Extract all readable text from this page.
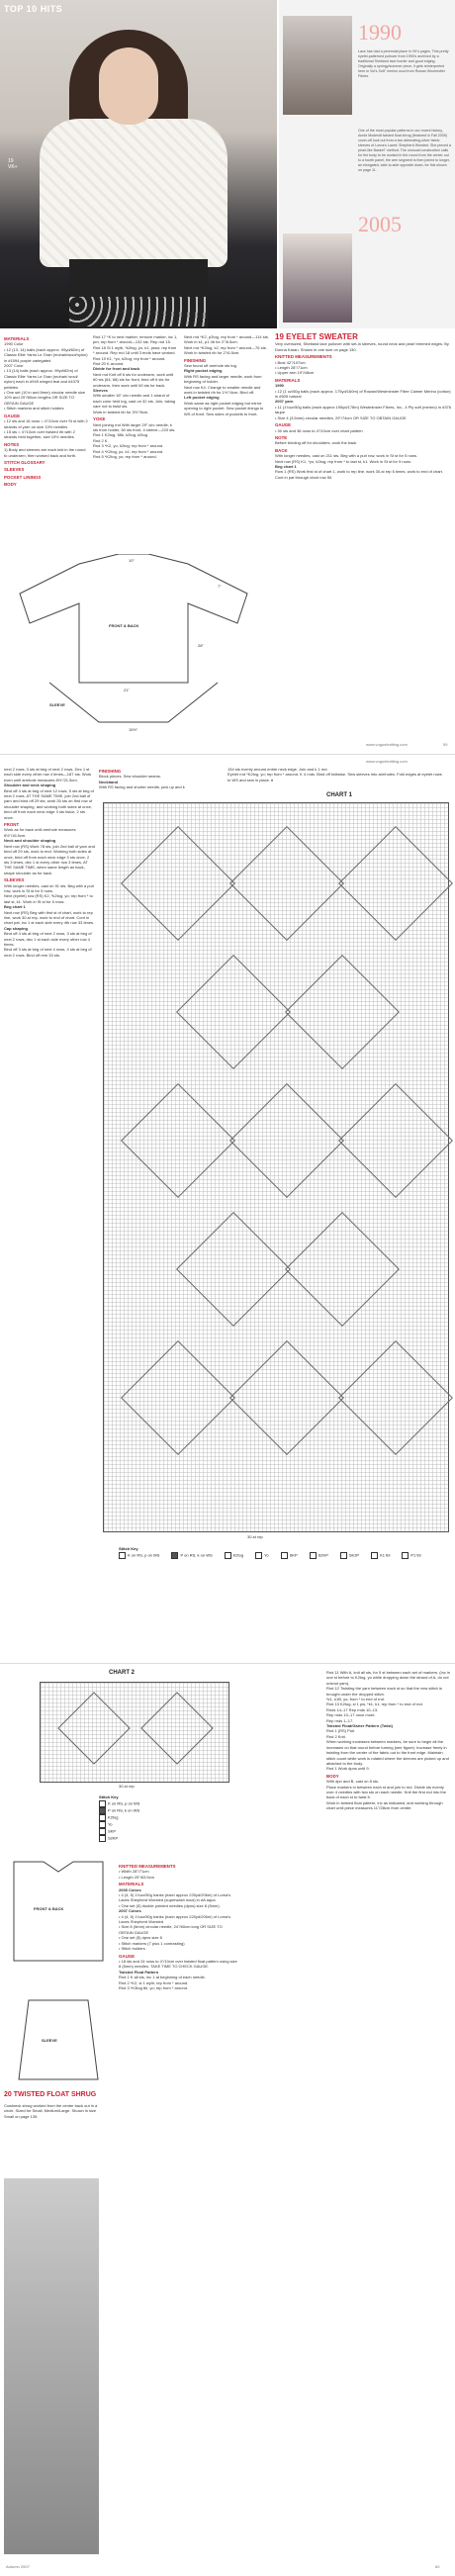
TOP 10 HITS
19
VK+
1990
Lace has had a perennial place in VK's pages. This pretty eyelet-patterned pullover from 1990's archived by a traditional Shetland lace border and good edging. Originally a springy/summer piece, it gets reinterpreted here in Vol's Soft" merino wool from Rowan Woolrestler Fibres.
One of the most popular patterns in our recent history, Annie Modesitt twisted float shrug (featured in Fall 2005) cover-off look out from a two alternating-silver fabric sleeves of Lorna's Laces' Shepherd Worsted. She pieced a pearl-like Basket" method. The unusual construction calls for the body to be worked in the round from the center out to a fourth panel, the arm segment is then joined to longer, an elongated, side-to-side opposite down, for this shown on page 11.
2005
MATERIALS
1990 Color
• 12 (13, 14) balls (each approx. 99yd/82m) of Classic Elite Yarns Le Gran (mohair/wool/nylon) in #1594 purple variegated
2007 Color
• 13 (14) balls (each approx. 99yd/82m) of Classic Elite Yarns Le Gran (mohair/ wool/ nylon) each in #949 winged teal and #4375 pebbles
• One set (10 in and 8mm) circular needle size 10½ and 29"/80cm lengths OR SIZE TO OBTAIN GAUGE
• Stitch markers and stitch holders
GAUGE
• 12 sts and 16 rows = 4"/10cm over St st with 2 strands of yarn on size 10½ needles
• 15 sts = 4"/10cm over twisted rib with 2 strands held together, size 10½ needles
NOTES
1) Body and sleeves are each knit in the round to underarm, then worked back and forth.
STITCH GLOSSARY
SLEEVES
POCKET LININGS
BODY
Rnd 17 *K to next marker, remove marker, inc 1, pm; rep from * around—132 sts. Rep rnd 15.
Rnd 18 Sl 1 wyib, *k2tog, yo, k1, psso; rep from * around. Rep rnd 18 until 3 ends have worked.
Rnd 19 K1, *yo, k2tog; rep from * around.
Rnd 20 K around.
Divide for front and back
Next rnd Knit off 6 sts for underarm, work until 60 sts (64, 68) sts for front, bind off 6 sts for underarm, then work until 60 sts for back.
Sleeves
With smaller 16" circ needle and 1 strand of each color held tog, cast on 32 sts. Join, taking care not to twist sts.
Work in twisted rib for 3½"/9cm.
YOKE
Next joining rnd With larger 29" circ needle, k sts from holder, 60 sts front, 4 sleeve—220 sts.
Rnd 1 K2tog, 58k, k2tog, k2tog
Rnd 2 K.
Rnd 3 *K2, yo, k2tog; rep from * around.
Rnd 4 *K2tog, yo, k1; rep from * around.
Rnd 5 *K2tog, yo; rep from * around.
Next rnd *K2, p2tog, rep from * around—114 sts.
Work in k1, p1 rib for 2"/6.5cm.
Next rnd *K2tog, k2, rep from * around—76 sts.
Work in twisted rib for 2"/6.5cm.
FINISHING
Sew found off armhole sts tog.
Right pocket edging
With RS facing and larger needle, work from beginning of holder.
Next row K4. Change to smaller needle and work in twisted rib for 1½"/4cm. Bind off.
Left pocket edging
Work same as right pocket edging but mirror opening to right pocket. Sew pocket linings to WS of front. Sew sides of pockets to front.
19 EYELET SWEATER
Very oversized, Shetland lace pullover with set-in sleeves, round neck and pearl trimmed edges. By Donna Karan. Shown in one size on page 130.
KNITTED MEASUREMENTS
• Bust 42"/107cm
• Length 28"/71cm
• Upper arm 19"/48cm
MATERIALS
1990
• 12 (1 oz/50g balls (each approx. 175yd/160m) of Rowan/Westminster Fibre Calmer Merino (cotton) in #505 natural
2007 yarn
• 11 (1¾oz/50g balls (each approx 195yd/178m) Westminster Fibres, Inc., 4 Ply soft (merino) in #376 taupe
• Size 4 (3.5mm) circular needles, 29"/74cm OR SIZE TO OBTAIN GAUGE
GAUGE
• 30 sts and 36 rows to 4"/10cm over chart pattern
NOTE
Before binding off for shoulders, work the back
BACK
With longer needles, cast on 211 sts. Beg with a purl row, work in St st for 5 rows.
Next row (RS) K1, *yo, k2tog; rep from * to last st, k1. Work in St st for 5 rows.
Beg chart 1
Row 1 (RS) Work first st of chart 1, work to rep line, work 30-st rep 6 times, work to end of chart.
Cont in pat through chart row 50.
FRONT & BACK
SLEEVE
21"
28"
15½"
7"
10"
www.vogueknitting.com	59
www.vogueknitting.com
next 2 rows, 3 sts at beg of next 2 rows. Dec 1 st each side every other row 4 times—187 sts. Work even until armhole measures 8½"/21.5cm.
Shoulder and neck shaping
Bind off 4 sts at beg of next 12 rows, 5 sts at beg of next 2 rows, AT THE SAME TIME, join 2nd ball of yarn and bind off 29 sts, work 26 sts on first row of shoulder shaping, and working both sides at once, bind off from each neck edge 3 sts twice, 2 sts once.
FRONT
Work as for back until armhole measures 6½"/16.5cm.
Neck and shoulder shaping
Next row (RS) Work 78 sts, join 2nd ball of yarn and bind off 29 sts, work to end. Working both sides at once, bind off from each neck edge 3 sts once, 2 sts 3 times, dec 1 st every other row 3 times, AT THE SAME TIME, when same length as back, shape shoulder as for back.
SLEEVES
With longer needles, cast on 91 sts. Beg with a purl row, work in St st for 5 rows.
Next (eyelet) row (RS) K2, *k2tog, yo; rep from * to last st, k1. Work in St st for 5 rows.
Beg chart 1
Next row (RS) Beg with first st of chart, work to rep line, work 30-st rep, work to end of chart. Cont in chart pat, inc 1 st each side every 4th row 33 times.
Cap shaping
Bind off 4 sts at beg of next 2 rows, 3 sts at beg of next 2 rows, dec 1 st each side every other row 4 times.
Bind off 3 sts at beg of next 4 rows, 4 sts at beg of next 2 rows. Bind off rem 33 sts.
FINISHING
Block pieces. Sew shoulder seams.
Neckband
With RS facing and shorter needle, pick up and k
154 sts evenly around entire neck edge. Join and k 1 rnd.
Eyelet rnd *K2tog, yo; rep from * around. K 4 rnds. Bind off knitwise. Sew sleeves into armholes. Fold edges at eyelet rows to WS and sew in place. ♦
CHART 1
30-st rep
Stitch Key
K on RS, p on WS	P on RS, k on WS	K2tog	Yo	SKP	S2KP	SK2P	K1 tbl	P1 tbl
CHART 2
30-st rep
Stitch Key
K on RS, p on WS
P on RS, k on WS
K2tog
Yo
SKP
S2KP
FRONT & BACK
SLEEVE
20 TWISTED FLOAT SHRUG
Cowlneck shrug worked from the center back out in a circle. Sized for Small, Medium/Large. Shown in size Small on page 135.
KNITTED MEASUREMENTS
• Width 28"/71cm
• Length 25"/63.5cm
MATERIALS
2005 Colors
• 4 (4, 5) 1¾oz/50g hanks (each approx 225yd/206m) of Lorna's Laces Shepherd Worsted (superwash wool) in #A aqua
• One set (5) double pointed needles (dpns) size 8 (5mm)
2007 Colors
• 4 (4, 5) 1¾oz/50g hanks (each approx 225yd/206m) of Lorna's Laces Shepherd Worsted
• Size 8 (5mm) circular needle, 24"/60cm long OR SIZE TO OBTAIN GAUGE
• One set (5) dpns size 8
• Stitch markers (7 plus 1 contrasting)
• Stitch holders
GAUGE
• 18 sts and 24 rows to 4"/10cm over twisted float pattern using size 8 (5mm) needles. TAKE TIME TO CHECK GAUGE.
Twisted Float Pattern
Rnd 1 K all sts, inc 1 at beginning of each needle.
Rnd 2 *K2, sl 1 wyib; rep from * around.
Rnd 3 *K3tog tbl, yo; rep from * around.
Rnd 11 With A, knit all sts, for 5 st between each set of markers. (Inc in one st before to K2tog, yo while dropping down the strand of A, do not unknot yarn).
Rnd 12 Twisting the yarn between each st so that the new stitch is brought under the dropped stitch.
*k1, k1B, yo; from * to end of rnd.
Rnd 13 K2tog, sl 1 pw, *k1, k1; rep from * to end of rnd.
Rnds 14–17 Rep rnds 10–13.
Rep rnds 10–17 once more.
Rep rnds 1–17.
Twisted Float/Garter Pattern (Twist)
Rnd 1 (RS) Purl.
Rnd 2 Knit.
When working increases between markers, be sure to begin all the increases on that round before turning (see figure). Increase freely in twisting from the center of the fabric out to the front edge. Maintain stitch count while work is rotated where the sleeves are picked up and attached to the body.
Rnd 1 Work dpns until 9.
BODY
With dpn and B, cast on 8 sts.
Place markers in between each st and join to rnd. Divide sts evenly over 4 needles with two sts on each needle. Knit the first rnd into the back of each st to twist it.
Work in twisted float pattern, inc as indicated, and working through chart until piece measures 11"/28cm from center.
Autumn 2007	60
